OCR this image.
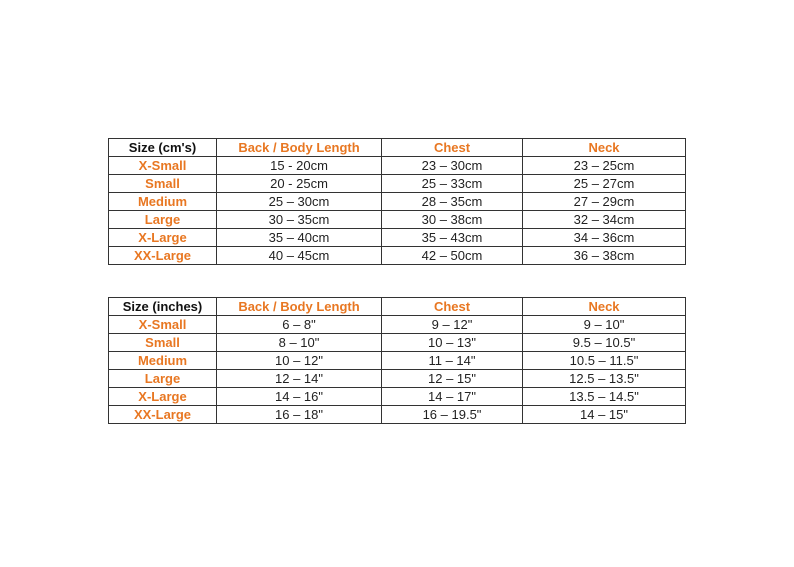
Size (cm's)	Back / Body Length	Chest	Neck
X-Small	15 - 20cm	23 – 30cm	23 – 25cm
Small	20 - 25cm	25 – 33cm	25 – 27cm
Medium	25 – 30cm	28 – 35cm	27 – 29cm
Large	30 – 35cm	30 – 38cm	32 – 34cm
X-Large	35 – 40cm	35 – 43cm	34 – 36cm
XX-Large	40 – 45cm	42 – 50cm	36 – 38cm
Size (inches)	Back / Body Length	Chest	Neck
X-Small	6 – 8"	9 – 12"	9 – 10"
Small	8 – 10"	10 – 13"	9.5 – 10.5"
Medium	10 – 12"	11 – 14"	10.5 – 11.5"
Large	12 – 14"	12 – 15"	12.5 – 13.5"
X-Large	14 – 16"	14 – 17"	13.5 – 14.5"
XX-Large	16 – 18"	16 – 19.5"	14 – 15"
